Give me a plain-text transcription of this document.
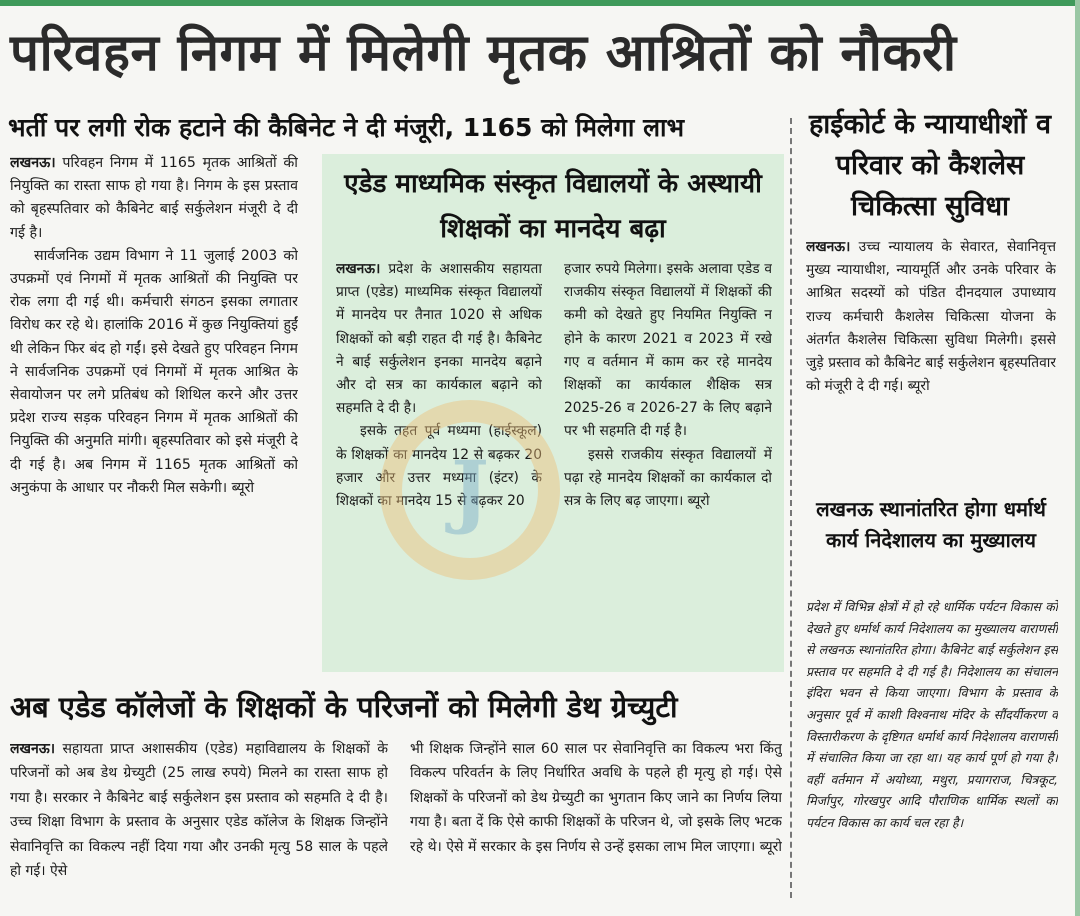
परिवहन निगम में मिलेगी मृतक आश्रितों को नौकरी
भर्ती पर लगी रोक हटाने की कैबिनेट ने दी मंजूरी, 1165 को मिलेगा लाभ

लखनऊ। परिवहन निगम में 1165 मृतक आश्रितों की नियुक्ति का रास्ता साफ हो गया है। निगम के इस प्रस्ताव को बृहस्पतिवार को कैबिनेट बाई सर्कुलेशन मंजूरी दे दी गई है।

सार्वजनिक उद्यम विभाग ने 11 जुलाई 2003 को उपक्रमों एवं निगमों में मृतक आश्रितों की नियुक्ति पर रोक लगा दी गई थी। कर्मचारी संगठन इसका लगातार विरोध कर रहे थे। हालांकि 2016 में कुछ नियुक्तियां हुईं थी लेकिन फिर बंद हो गईं। इसे देखते हुए परिवहन निगम ने सार्वजनिक उपक्रमों एवं निगमों में मृतक आश्रित के सेवायोजन पर लगे प्रतिबंध को शिथिल करने और उत्तर प्रदेश राज्य सड़क परिवहन निगम में मृतक आश्रितों की नियुक्ति की अनुमति मांगी। बृहस्पतिवार को इसे मंजूरी दे दी गई है। अब निगम में 1165 मृतक आश्रितों को अनुकंपा के आधार पर नौकरी मिल सकेगी। ब्यूरो

एडेड माध्यमिक संस्कृत विद्यालयों के अस्थायी शिक्षकों का मानदेय बढ़ा

लखनऊ। प्रदेश के अशासकीय सहायता प्राप्त (एडेड) माध्यमिक संस्कृत विद्यालयों में मानदेय पर तैनात 1020 से अधिक शिक्षकों को बड़ी राहत दी गई है। कैबिनेट ने बाई सर्कुलेशन इनका मानदेय बढ़ाने और दो सत्र का कार्यकाल बढ़ाने को सहमति दे दी है।

इसके तहत पूर्व मध्यमा (हाईस्कूल) के शिक्षकों का मानदेय 12 से बढ़कर 20 हजार और उत्तर मध्यमा (इंटर) के शिक्षकों का मानदेय 15 से बढ़कर 20

हजार रुपये मिलेगा। इसके अलावा एडेड व राजकीय संस्कृत विद्यालयों में शिक्षकों की कमी को देखते हुए नियमित नियुक्ति न होने के कारण 2021 व 2023 में रखे गए व वर्तमान में काम कर रहे मानदेय शिक्षकों का कार्यकाल शैक्षिक सत्र 2025-26 व 2026-27 के लिए बढ़ाने पर भी सहमति दी गई है।

इससे राजकीय संस्कृत विद्यालयों में पढ़ा रहे मानदेय शिक्षकों का कार्यकाल दो सत्र के लिए बढ़ जाएगा। ब्यूरो

J
हाईकोर्ट के न्यायाधीशों व परिवार को कैशलेस चिकित्सा सुविधा

लखनऊ। उच्च न्यायालय के सेवारत, सेवानिवृत्त मुख्य न्यायाधीश, न्यायमूर्ति और उनके परिवार के आश्रित सदस्यों को पंडित दीनदयाल उपाध्याय राज्य कर्मचारी कैशलेस चिकित्सा योजना के अंतर्गत कैशलेस चिकित्सा सुविधा मिलेगी। इससे जुड़े प्रस्ताव को कैबिनेट बाई सर्कुलेशन बृहस्पतिवार को मंजूरी दे दी गई। ब्यूरो

लखनऊ स्थानांतरित होगा धर्मार्थ कार्य निदेशालय का मुख्यालय

प्रदेश में विभिन्न क्षेत्रों में हो रहे धार्मिक पर्यटन विकास को देखते हुए धर्मार्थ कार्य निदेशालय का मुख्यालय वाराणसी से लखनऊ स्थानांतरित होगा। कैबिनेट बाई सर्कुलेशन इस प्रस्ताव पर सहमति दे दी गई है। निदेशालय का संचालन इंदिरा भवन से किया जाएगा। विभाग के प्रस्ताव के अनुसार पूर्व में काशी विश्वनाथ मंदिर के सौंदर्यीकरण व विस्तारीकरण के दृष्टिगत धर्मार्थ कार्य निदेशालय वाराणसी में संचालित किया जा रहा था। यह कार्य पूर्ण हो गया है। वहीं वर्तमान में अयोध्या, मथुरा, प्रयागराज, चित्रकूट, मिर्जापुर, गोरखपुर आदि पौराणिक धार्मिक स्थलों का पर्यटन विकास का कार्य चल रहा है।

अब एडेड कॉलेजों के शिक्षकों के परिजनों को मिलेगी डेथ ग्रेच्युटी

लखनऊ। सहायता प्राप्त अशासकीय (एडेड) महाविद्यालय के शिक्षकों के परिजनों को अब डेथ ग्रेच्युटी (25 लाख रुपये) मिलने का रास्ता साफ हो गया है। सरकार ने कैबिनेट बाई सर्कुलेशन इस प्रस्ताव को सहमति दे दी है। उच्च शिक्षा विभाग के प्रस्ताव के अनुसार एडेड कॉलेज के शिक्षक जिन्होंने सेवानिवृत्ति का विकल्प नहीं दिया गया और उनकी मृत्यु 58 साल के पहले हो गई। ऐसे

भी शिक्षक जिन्होंने साल 60 साल पर सेवानिवृत्ति का विकल्प भरा किंतु विकल्प परिवर्तन के लिए निर्धारित अवधि के पहले ही मृत्यु हो गई। ऐसे शिक्षकों के परिजनों को डेथ ग्रेच्युटी का भुगतान किए जाने का निर्णय लिया गया है। बता दें कि ऐसे काफी शिक्षकों के परिजन थे, जो इसके लिए भटक रहे थे। ऐसे में सरकार के इस निर्णय से उन्हें इसका लाभ मिल जाएगा। ब्यूरो
